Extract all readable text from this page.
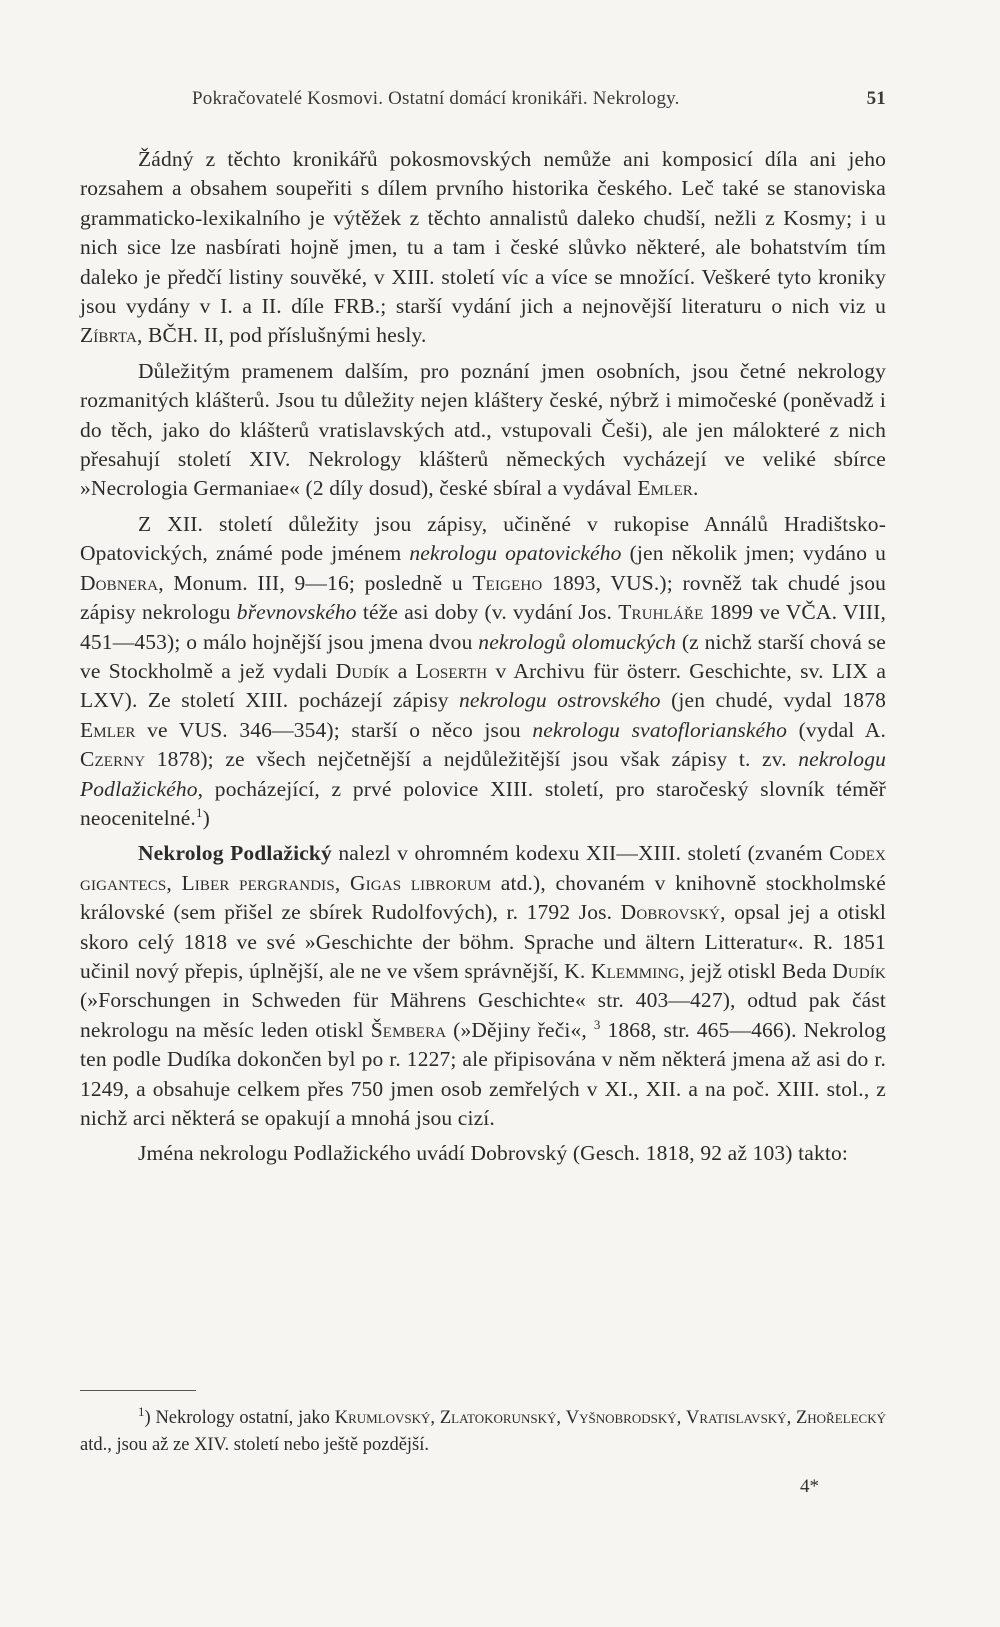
Pokračovatelé Kosmovi. Ostatní domácí kronikáři. Nekrology.	51

Žádný z těchto kronikářů pokosmovských nemůže ani komposicí díla ani jeho rozsahem a obsahem soupeřiti s dílem prvního historika českého. Leč také se stanoviska grammaticko-lexikalního je výtěžek z těchto annalistů daleko chudší, nežli z Kosmy; i u nich sice lze nasbírati hojně jmen, tu a tam i české slůvko některé, ale bohatstvím tím daleko je předčí listiny souvěké, v XIII. století víc a více se množící. Veškeré tyto kroniky jsou vydány v I. a II. díle FRB.; starší vydání jich a nejnovější literaturu o nich viz u Zíbrta, BČH. II, pod příslušnými hesly.

Důležitým pramenem dalším, pro poznání jmen osobních, jsou četné nekrology rozmanitých klášterů. Jsou tu důležity nejen kláštery české, nýbrž i mimočeské (poněvadž i do těch, jako do klášterů vratislavských atd., vstupovali Češi), ale jen málokteré z nich přesahují století XIV. Nekrology klášterů německých vycházejí ve veliké sbírce »Necrologia Germaniae« (2 díly dosud), české sbíral a vydával Emler.

Z XII. století důležity jsou zápisy, učiněné v rukopise Annálů Hradištsko-Opatovických, známé pode jménem nekrologu opatovického (jen několik jmen; vydáno u Dobnera, Monum. III, 9—16; posledně u Teigeho 1893, VUS.); rovněž tak chudé jsou zápisy nekrologu břevnovského téže asi doby (v. vydání Jos. Truhláře 1899 ve VČA. VIII, 451—453); o málo hojnější jsou jmena dvou nekrologů olomuckých (z nichž starší chová se ve Stockholmě a jež vydali Dudík a Loserth v Archivu für österr. Geschichte, sv. LIX a LXV). Ze století XIII. pocházejí zápisy nekrologu ostrovského (jen chudé, vydal 1878 Emler ve VUS. 346—354); starší o něco jsou nekrologu svatoflorianského (vydal A. Czerny 1878); ze všech nejčetnější a nejdůležitější jsou však zápisy t. zv. nekrologu Podlažického, pocházející, z prvé polovice XIII. století, pro staročeský slovník téměř neocenitelné.$^1$)

Nekrolog Podlažický nalezl v ohromném kodexu XII—XIII. století (zvaném Codex gigantecs, Liber pergrandis, Gigas librorum atd.), chovaném v knihovně stockholmské královské (sem přišel ze sbírek Rudolfových), r. 1792 Jos. Dobrovský, opsal jej a otiskl skoro celý 1818 ve své »Geschichte der böhm. Sprache und ältern Litteratur«. R. 1851 učinil nový přepis, úplnější, ale ne ve všem správnější, K. Klemming, jejž otiskl Beda Dudík (»Forschungen in Schweden für Mährens Geschichte« str. 403—427), odtud pak část nekrologu na měsíc leden otiskl Šembera (»Dějiny řeči«, $^3$ 1868, str. 465—466). Nekrolog ten podle Dudíka dokončen byl po r. 1227; ale připisována v něm některá jmena až asi do r. 1249, a obsahuje celkem přes 750 jmen osob zemřelých v XI., XII. a na poč. XIII. stol., z nichž arci některá se opakují a mnohá jsou cizí.

Jména nekrologu Podlažického uvádí Dobrovský (Gesch. 1818, 92 až 103) takto:

$^1$) Nekrology ostatní, jako Krumlovský, Zlatokorunský, Vyšnobrodský, Vratislavský, Zhořelecký atd., jsou až ze XIV. století nebo ještě pozdější.

4*
